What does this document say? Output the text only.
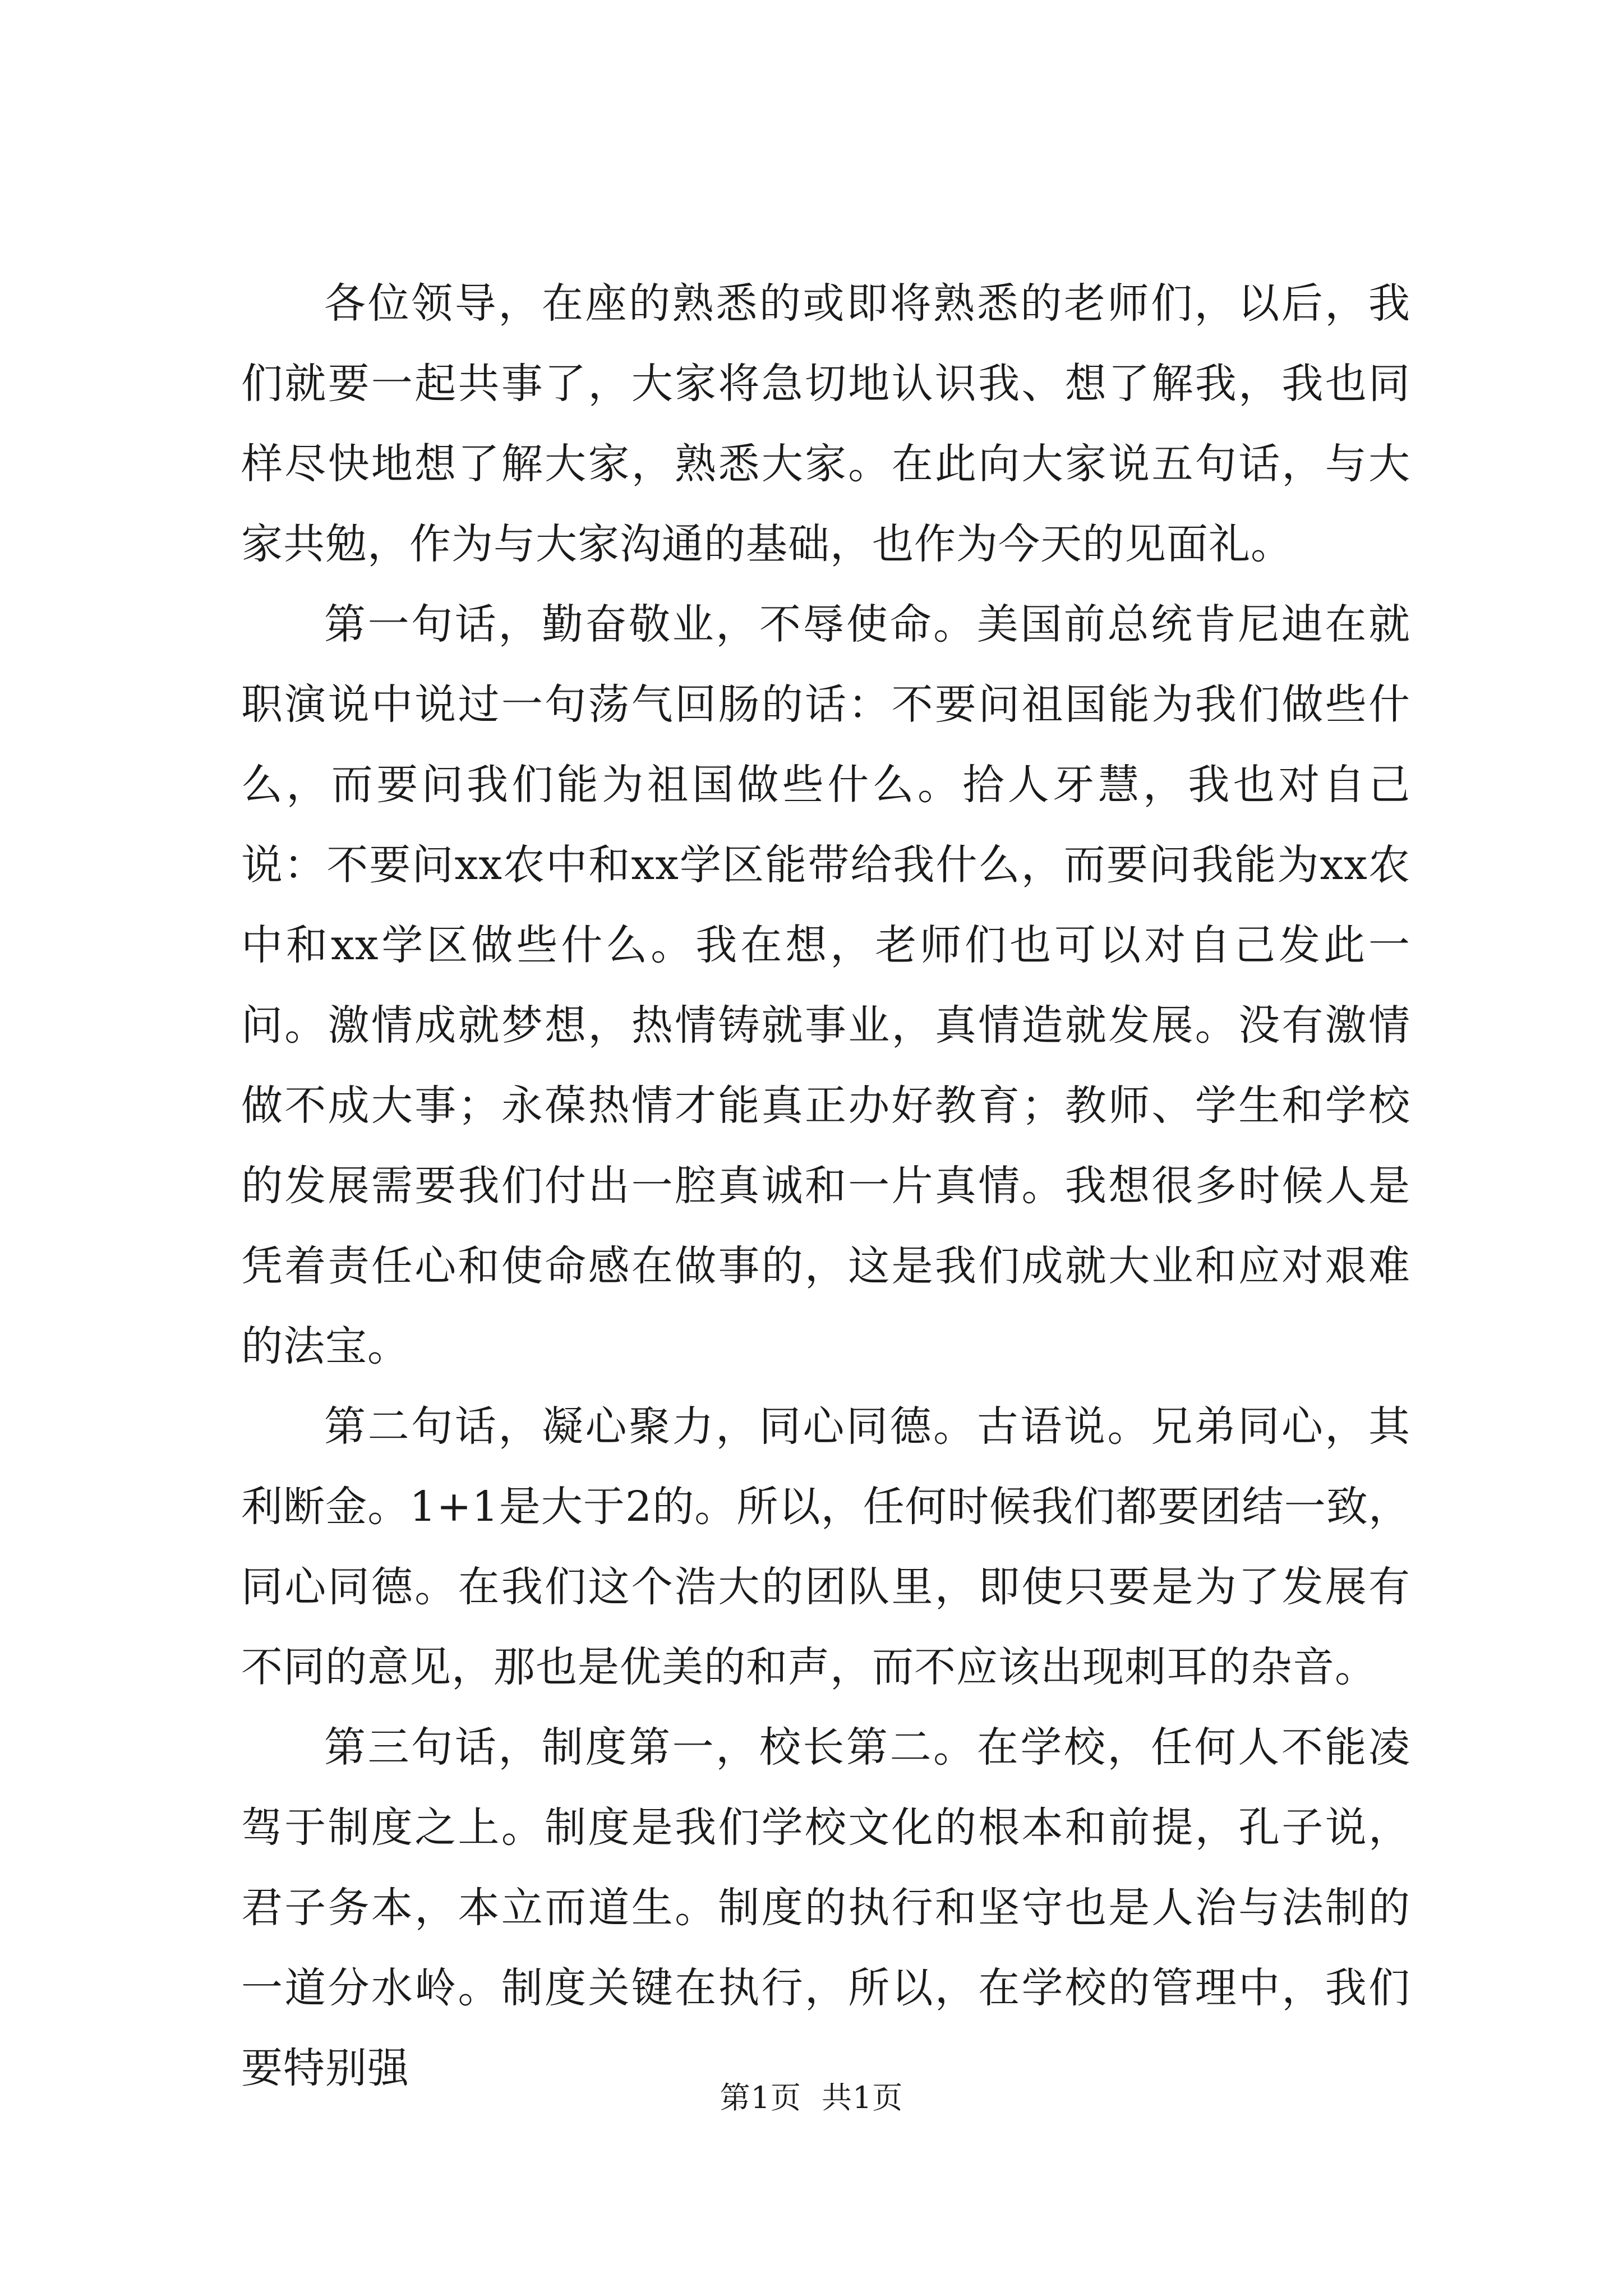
各位领导，在座的熟悉的或即将熟悉的老师们，以后，我们就要一起共事了，大家将急切地认识我、想了解我，我也同样尽快地想了解大家，熟悉大家。在此向大家说五句话，与大家共勉，作为与大家沟通的基础，也作为今天的见面礼。

第一句话，勤奋敬业，不辱使命。美国前总统肯尼迪在就职演说中说过一句荡气回肠的话：不要问祖国能为我们做些什么，而要问我们能为祖国做些什么。拾人牙慧，我也对自己说：不要问xx农中和xx学区能带给我什么，而要问我能为xx农中和xx学区做些什么。我在想，老师们也可以对自己发此一问。激情成就梦想，热情铸就事业，真情造就发展。没有激情做不成大事；永葆热情才能真正办好教育；教师、学生和学校的发展需要我们付出一腔真诚和一片真情。我想很多时候人是凭着责任心和使命感在做事的，这是我们成就大业和应对艰难的法宝。

第二句话，凝心聚力，同心同德。古语说。兄弟同心，其利断金。1+1是大于2的。所以，任何时候我们都要团结一致，同心同德。在我们这个浩大的团队里，即使只要是为了发展有不同的意见，那也是优美的和声，而不应该出现刺耳的杂音。

第三句话，制度第一，校长第二。在学校，任何人不能凌驾于制度之上。制度是我们学校文化的根本和前提，孔子说，君子务本，本立而道生。制度的执行和坚守也是人治与法制的一道分水岭。制度关键在执行，所以，在学校的管理中，我们要特别强

第1页 共1页
